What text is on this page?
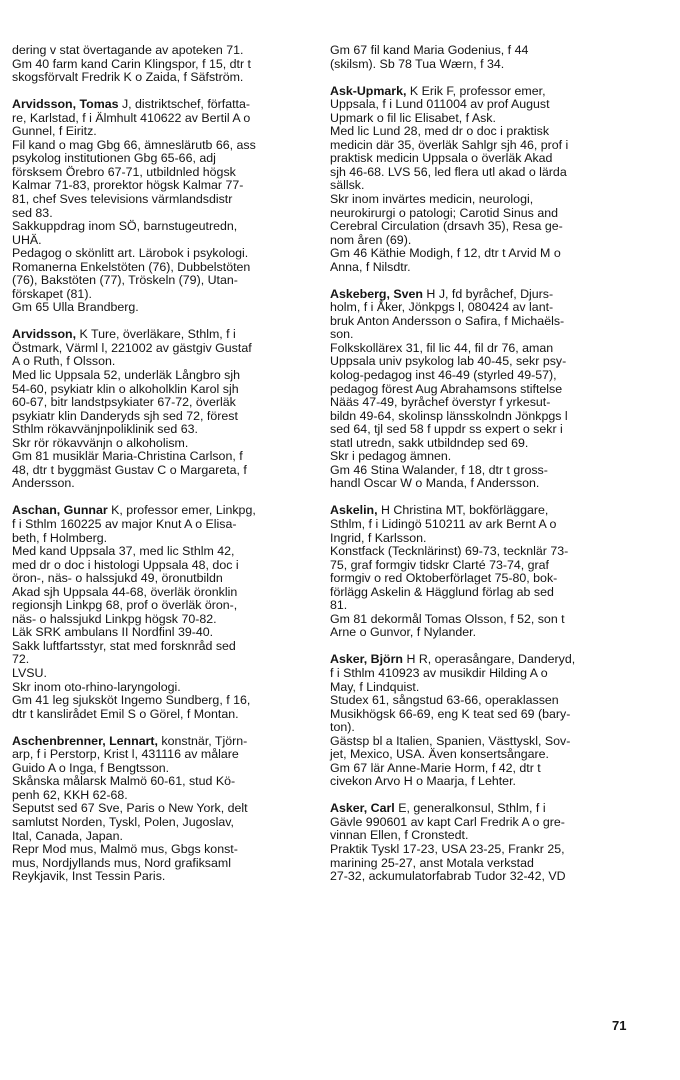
dering v stat övertagande av apoteken 71.
Gm 40 farm kand Carin Klingspor, f 15, dtr t
skogsförvalt Fredrik K o Zaida, f Säfström.
Arvidsson, Tomas J, distriktschef, författa-
re, Karlstad, f i Älmhult 410622 av Bertil A o
Gunnel, f Eiritz.
Fil kand o mag Gbg 66, ämneslärutb 66, ass
psykolog institutionen Gbg 65-66, adj
försksem Örebro 67-71, utbildnled högsk
Kalmar 71-83, prorektor högsk Kalmar 77-
81, chef Sves televisions värmlandsdistr
sed 83.
Sakkuppdrag inom SÖ, barnstugeutredn,
UHÄ.
Pedagog o skönlitt art. Lärobok i psykologi.
Romanerna Enkelstöten (76), Dubbelstöten
(76), Bakstöten (77), Tröskeln (79), Utan-
förskapet (81).
Gm 65 Ulla Brandberg.
Arvidsson, K Ture, överläkare, Sthlm, f i
Östmark, Värml l, 221002 av gästgiv Gustaf
A o Ruth, f Olsson.
Med lic Uppsala 52, underläk Långbro sjh
54-60, psykiatr klin o alkoholklin Karol sjh
60-67, bitr landstpsykiater 67-72, överläk
psykiatr klin Danderyds sjh sed 72, förest
Sthlm rökavvänjnpoliklinik sed 63.
Skr rör rökavvänjn o alkoholism.
Gm 81 musiklär Maria-Christina Carlson, f
48, dtr t byggmäst Gustav C o Margareta, f
Andersson.
Aschan, Gunnar K, professor emer, Linkpg,
f i Sthlm 160225 av major Knut A o Elisa-
beth, f Holmberg.
Med kand Uppsala 37, med lic Sthlm 42,
med dr o doc i histologi Uppsala 48, doc i
öron-, näs- o halssjukd 49, öronutbildn
Akad sjh Uppsala 44-68, överläk öronklin
regionsjh Linkpg 68, prof o överläk öron-,
näs- o halssjukd Linkpg högsk 70-82.
Läk SRK ambulans II Nordfinl 39-40.
Sakk luftfartsstyr, stat med forsknråd sed
72.
LVSU.
Skr inom oto-rhino-laryngologi.
Gm 41 leg sjuksköt Ingemo Sundberg, f 16,
dtr t kanslirådet Emil S o Görel, f Montan.
Aschenbrenner, Lennart, konstnär, Tjörn-
arp, f i Perstorp, Krist l, 431116 av målare
Guido A o Inga, f Bengtsson.
Skånska målarsk Malmö 60-61, stud Kö-
penh 62, KKH 62-68.
Seputst sed 67 Sve, Paris o New York, delt
samlutst Norden, Tyskl, Polen, Jugoslav,
Ital, Canada, Japan.
Repr Mod mus, Malmö mus, Gbgs konst-
mus, Nordjyllands mus, Nord grafiksaml
Reykjavik, Inst Tessin Paris.
Gm 67 fil kand Maria Godenius, f 44
(skilsm). Sb 78 Tua Wærn, f 34.
Ask-Upmark, K Erik F, professor emer,
Uppsala, f i Lund 011004 av prof August
Upmark o fil lic Elisabet, f Ask.
Med lic Lund 28, med dr o doc i praktisk
medicin där 35, överläk Sahlgr sjh 46, prof i
praktisk medicin Uppsala o överläk Akad
sjh 46-68. LVS 56, led flera utl akad o lärda
sällsk.
Skr inom invärtes medicin, neurologi,
neurokirurgi o patologi; Carotid Sinus and
Cerebral Circulation (drsavh 35), Resa ge-
nom åren (69).
Gm 46 Käthie Modigh, f 12, dtr t Arvid M o
Anna, f Nilsdtr.
Askeberg, Sven H J, fd byråchef, Djurs-
holm, f i Åker, Jönkpgs l, 080424 av lant-
bruk Anton Andersson o Safira, f Michaëls-
son.
Folkskollärex 31, fil lic 44, fil dr 76, aman
Uppsala univ psykolog lab 40-45, sekr psy-
kolog-pedagog inst 46-49 (styrled 49-57),
pedagog förest Aug Abrahamsons stiftelse
Nääs 47-49, byråchef överstyr f yrkesut-
bildn 49-64, skolinsp länsskolndn Jönkpgs l
sed 64, tjl sed 58 f uppdr ss expert o sekr i
statl utredn, sakk utbildndep sed 69.
Skr i pedagog ämnen.
Gm 46 Stina Walander, f 18, dtr t gross-
handl Oscar W o Manda, f Andersson.
Askelin, H Christina MT, bokförläggare,
Sthlm, f i Lidingö 510211 av ark Bernt A o
Ingrid, f Karlsson.
Konstfack (Tecknlärinst) 69-73, tecknlär 73-
75, graf formgiv tidskr Clarté 73-74, graf
formgiv o red Oktoberförlaget 75-80, bok-
förlägg Askelin & Hägglund förlag ab sed
81.
Gm 81 dekormål Tomas Olsson, f 52, son t
Arne o Gunvor, f Nylander.
Asker, Björn H R, operasångare, Danderyd,
f i Sthlm 410923 av musikdir Hilding A o
May, f Lindquist.
Studex 61, sångstud 63-66, operaklassen
Musikhögsk 66-69, eng K teat sed 69 (bary-
ton).
Gästsp bl a Italien, Spanien, Västtyskl, Sov-
jet, Mexico, USA. Även konsertsångare.
Gm 67 lär Anne-Marie Horm, f 42, dtr t
civekon Arvo H o Maarja, f Lehter.
Asker, Carl E, generalkonsul, Sthlm, f i
Gävle 990601 av kapt Carl Fredrik A o gre-
vinnan Ellen, f Cronstedt.
Praktik Tyskl 17-23, USA 23-25, Frankr 25,
marining 25-27, anst Motala verkstad
27-32, ackumulatorfabrab Tudor 32-42, VD
71
